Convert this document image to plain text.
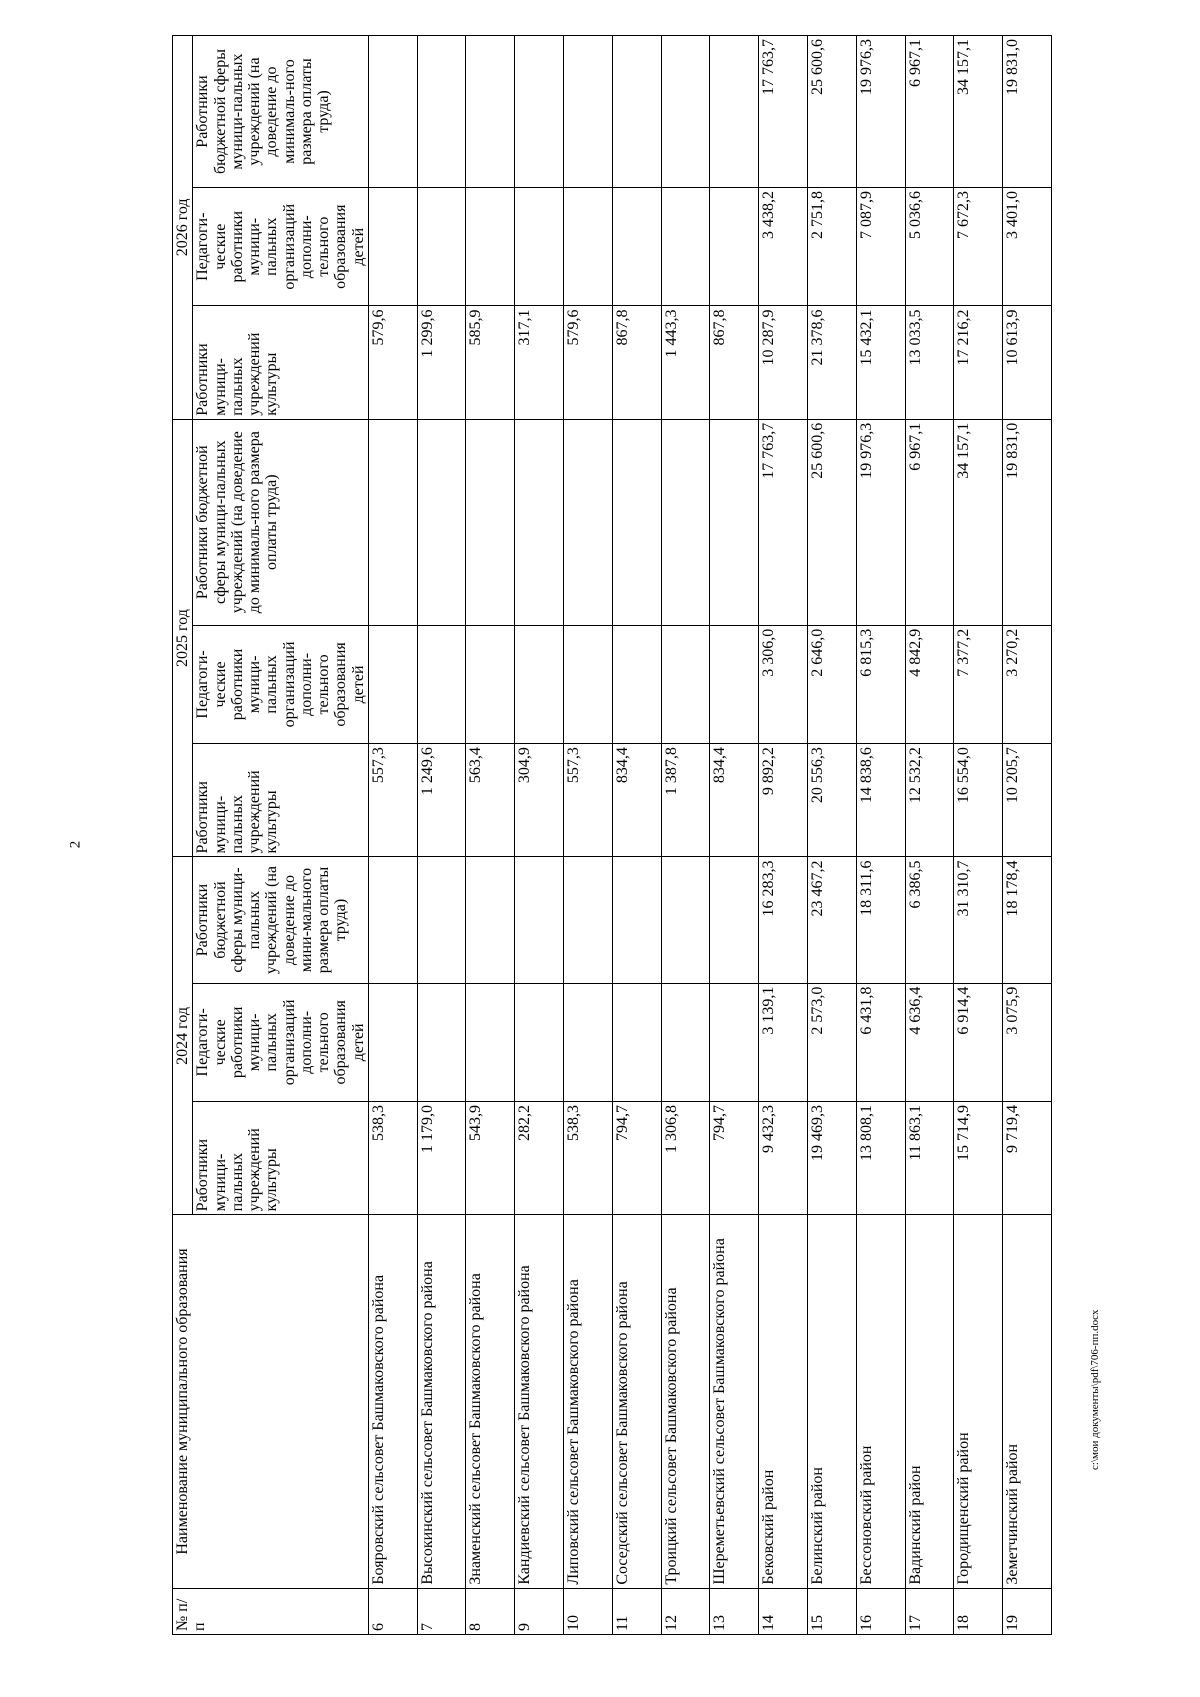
2
№ п/п	Наименование муниципального образования	2024 год			2025 год			2026 год		
		Работники муници-пальных учреждений культуры	Педагоги-ческие работники муници-пальных организаций дополни-тельного образования детей	Работники бюджетной сферы муници-пальных учреждений (на доведение до мини-мального размера оплаты труда)	Работники муници-пальных учреждений культуры	Педагоги-ческие работники муници-пальных организаций дополни-тельного образования детей	Работники бюджетной сферы муници-пальных учреждений (на доведение до минималь-ного размера оплаты труда)	Работники муници-пальных учреждений культуры	Педагоги-ческие работники муници-пальных организаций дополни-тельного образования детей	Работники бюджетной сферы муници-пальных учреждений (на доведение до минималь-ного размера оплаты труда)
6	Бояровский сельсовет Башмаковского района	538,3			557,3			579,6		
7	Высокинский сельсовет Башмаковского района	1 179,0			1 249,6			1 299,6		
8	Знаменский сельсовет Башмаковского района	543,9			563,4			585,9		
9	Кандиевский сельсовет Башмаковского района	282,2			304,9			317,1		
10	Липовский сельсовет Башмаковского района	538,3			557,3			579,6		
11	Соседский сельсовет Башмаковского района	794,7			834,4			867,8		
12	Троицкий сельсовет Башмаковского района	1 306,8			1 387,8			1 443,3		
13	Шереметьевский сельсовет Башмаковского района	794,7			834,4			867,8		
14	Бековский район	9 432,3	3 139,1	16 283,3	9 892,2	3 306,0	17 763,7	10 287,9	3 438,2	17 763,7
15	Белинский район	19 469,3	2 573,0	23 467,2	20 556,3	2 646,0	25 600,6	21 378,6	2 751,8	25 600,6
16	Бессоновский район	13 808,1	6 431,8	18 311,6	14 838,6	6 815,3	19 976,3	15 432,1	7 087,9	19 976,3
17	Вадинский район	11 863,1	4 636,4	6 386,5	12 532,2	4 842,9	6 967,1	13 033,5	5 036,6	6 967,1
18	Городищенский район	15 714,9	6 914,4	31 310,7	16 554,0	7 377,2	34 157,1	17 216,2	7 672,3	34 157,1
19	Земетчинский район	9 719,4	3 075,9	18 178,4	10 205,7	3 270,2	19 831,0	10 613,9	3 401,0	19 831,0
c:\мои документы\pdf\706-пп.docx
